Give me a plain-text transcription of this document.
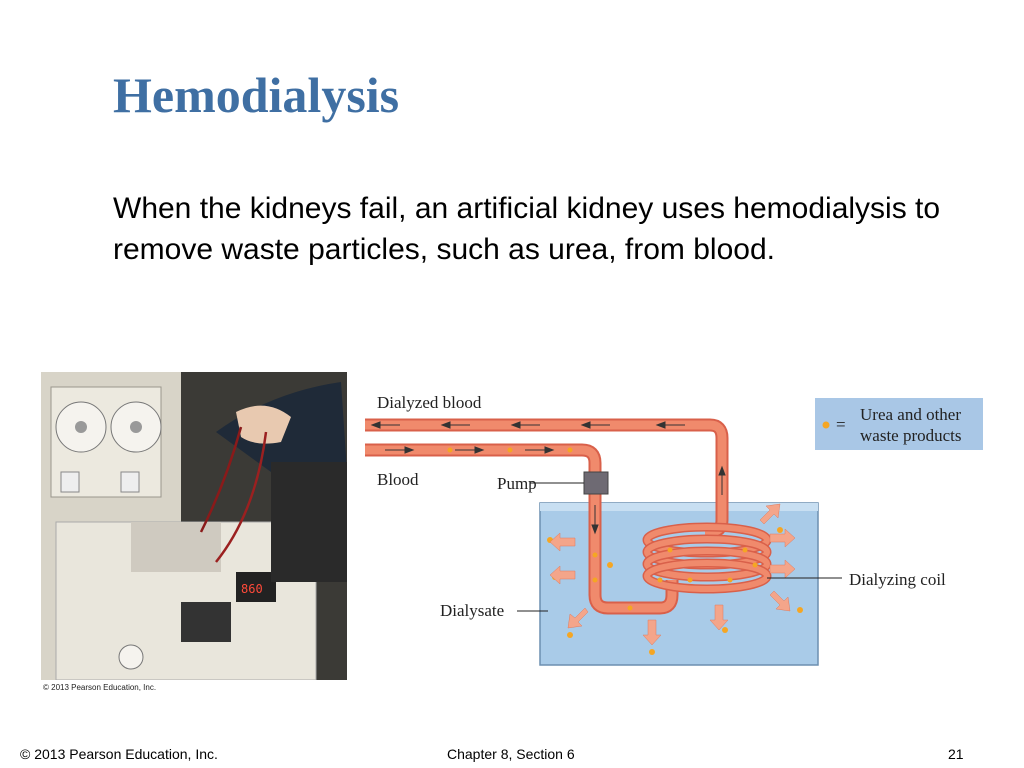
Hemodialysis

When the kidneys fail, an artificial kidney uses hemodialysis to remove waste particles, such as urea, from blood.

860
© 2013 Pearson Education, Inc.
=
Urea and other
waste products
Dialyzed blood
Blood	Pump
Dialysate
Dialyzing coil
© 2013 Pearson Education, Inc.	Chapter 8, Section 6	21
